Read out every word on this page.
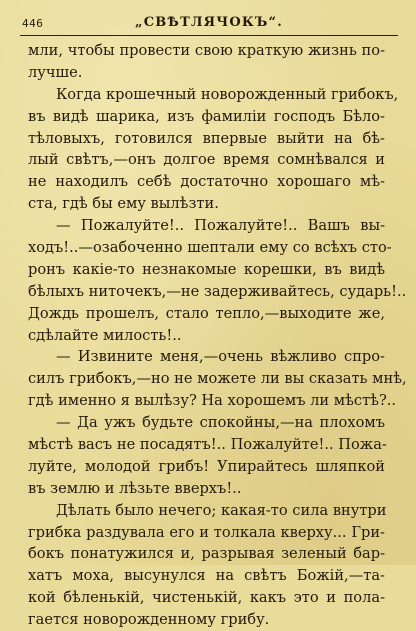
446	„СВѢТЛЯЧОКЪ“.
мли, чтобы провести свою краткую жизнь по-
лучше.
Когда крошечный новорожденный грибокъ,
въ видѣ шарика, изъ фамиліи господъ Бѣло-
тѣловыхъ, готовился впервые выйти на бѣ-
лый свѣтъ,—онъ долгое время сомнѣвался и
не находилъ себѣ достаточно хорошаго мѣ-
ста, гдѣ бы ему вылѣзти.
— Пожалуйте!.. Пожалуйте!.. Вашъ вы-
ходъ!..—озабоченно шептали ему со всѣхъ сто-
ронъ какіе-то незнакомые корешки, въ видѣ
бѣлыхъ ниточекъ,—не задерживайтесь, сударь!..
Дождь прошелъ, стало тепло,—выходите же,
сдѣлайте милость!..
— Извините меня,—очень вѣжливо спро-
силъ грибокъ,—но не можете ли вы сказать мнѣ,
гдѣ именно я вылѣзу? На хорошемъ ли мѣстѣ?..
— Да ужъ будьте спокойны,—на плохомъ
мѣстѣ васъ не посадятъ!.. Пожалуйте!.. Пожа-
луйте, молодой грибъ! Упирайтесь шляпкой
въ землю и лѣзьте вверхъ!..
Дѣлать было нечего; какая-то сила внутри
грибка раздувала его и толкала кверху... Гри-
бокъ понатужился и, разрывая зеленый бар-
хатъ моха, высунулся на свѣтъ Божій,—та-
кой бѣленькій, чистенькій, какъ это и пола-
гается новорожденному грибу.
